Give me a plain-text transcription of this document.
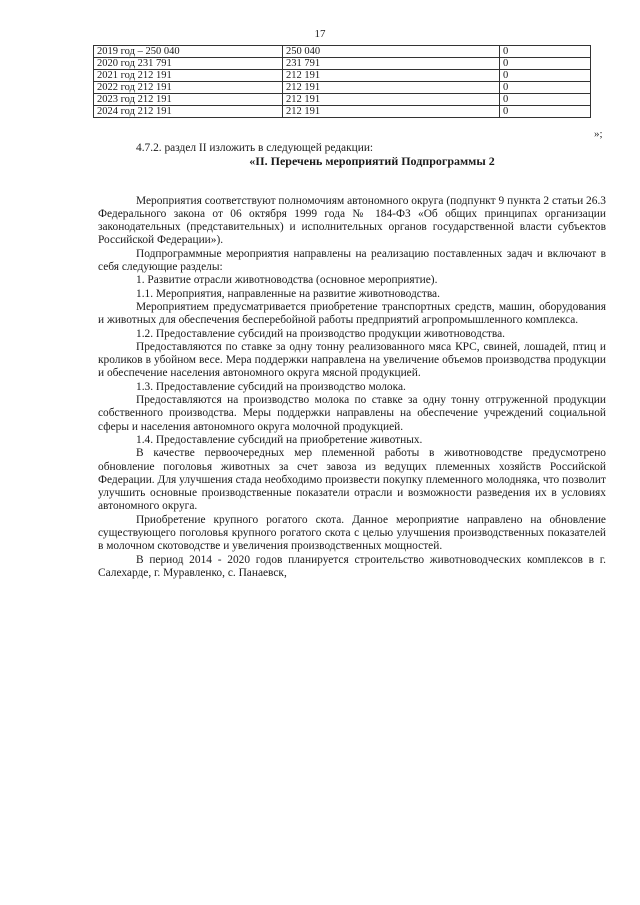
17
2019 год – 250 040	250 040	0
2020 год 231 791	231 791	0
2021 год 212 191	212 191	0
2022 год 212 191	212 191	0
2023 год 212 191	212 191	0
2024 год 212 191	212 191	0
»;

4.7.2. раздел II изложить в следующей редакции:

«II. Перечень мероприятий Подпрограммы 2

Мероприятия соответствуют полномочиям автономного округа (подпункт 9 пункта 2 статьи 26.3 Федерального закона от 06 октября 1999 года № 184-ФЗ «Об общих принципах организации законодательных (представительных) и исполнительных органов государственной власти субъектов Российской Федерации»).

Подпрограммные мероприятия направлены на реализацию поставленных задач и включают в себя следующие разделы:

1. Развитие отрасли животноводства (основное мероприятие).

1.1. Мероприятия, направленные на развитие животноводства.

Мероприятием предусматривается приобретение транспортных средств, машин, оборудования и животных для обеспечения бесперебойной работы предприятий агропромышленного комплекса.

1.2. Предоставление субсидий на производство продукции животноводства.

Предоставляются по ставке за одну тонну реализованного мяса КРС, свиней, лошадей, птиц и кроликов в убойном весе. Мера поддержки направлена на увеличение объемов производства продукции и обеспечение населения автономного округа мясной продукцией.

1.3. Предоставление субсидий на производство молока.

Предоставляются на производство молока по ставке за одну тонну отгруженной продукции собственного производства. Меры поддержки направлены на обеспечение учреждений социальной сферы и населения автономного округа молочной продукцией.

1.4. Предоставление субсидий на приобретение животных.

В качестве первоочередных мер племенной работы в животноводстве предусмотрено обновление поголовья животных за счет завоза из ведущих племенных хозяйств Российской Федерации. Для улучшения стада необходимо произвести покупку племенного молодняка, что позволит улучшить основные производственные показатели отрасли и возможности разведения их в условиях автономного округа.

Приобретение крупного рогатого скота. Данное мероприятие направлено на обновление существующего поголовья крупного рогатого скота с целью улучшения производственных показателей в молочном скотоводстве и увеличения производственных мощностей.

В период 2014 - 2020 годов планируется строительство животноводческих комплексов в г. Салехарде, г. Муравленко, с. Панаевск,
